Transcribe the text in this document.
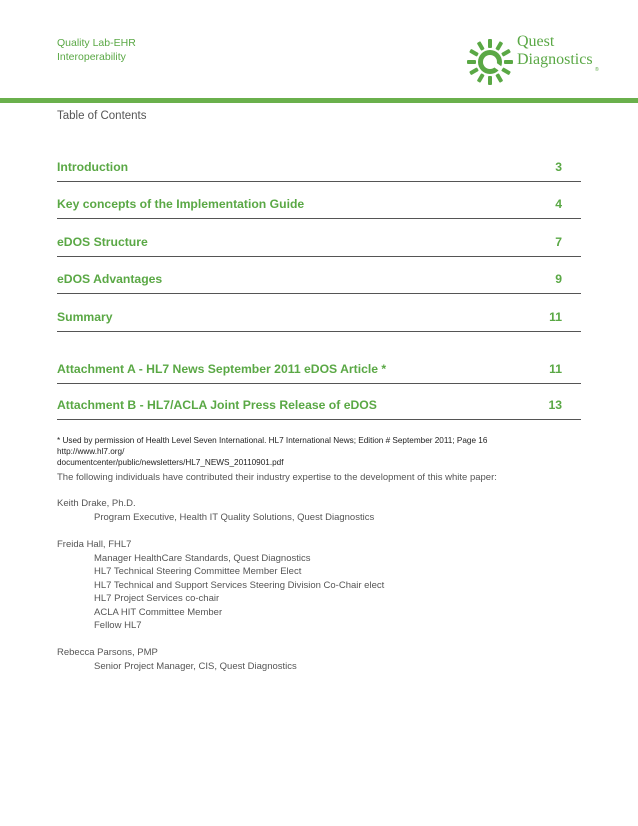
Quality Lab-EHR
Interoperability
Quest
Diagnostics
®
Table of Contents
Introduction	3
Key concepts of the Implementation Guide	4
eDOS Structure	7
eDOS Advantages	9
Summary	11
Attachment A - HL7 News September 2011 eDOS Article *	11
Attachment B - HL7/ACLA Joint Press Release of eDOS	13
* Used by permission of Health Level Seven International. HL7 International News; Edition # September 2011; Page 16 http://www.hl7.org/
documentcenter/public/newsletters/HL7_NEWS_20110901.pdf
The following individuals have contributed their industry expertise to the development of this white paper:
Keith Drake, Ph.D.
Program Executive, Health IT Quality Solutions, Quest Diagnostics
Freida Hall, FHL7
Manager HealthCare Standards, Quest Diagnostics
HL7 Technical Steering Committee Member Elect
HL7 Technical and Support Services Steering Division Co-Chair elect
HL7 Project Services co-chair
ACLA HIT Committee Member
Fellow HL7
Rebecca Parsons, PMP
Senior Project Manager, CIS, Quest Diagnostics
